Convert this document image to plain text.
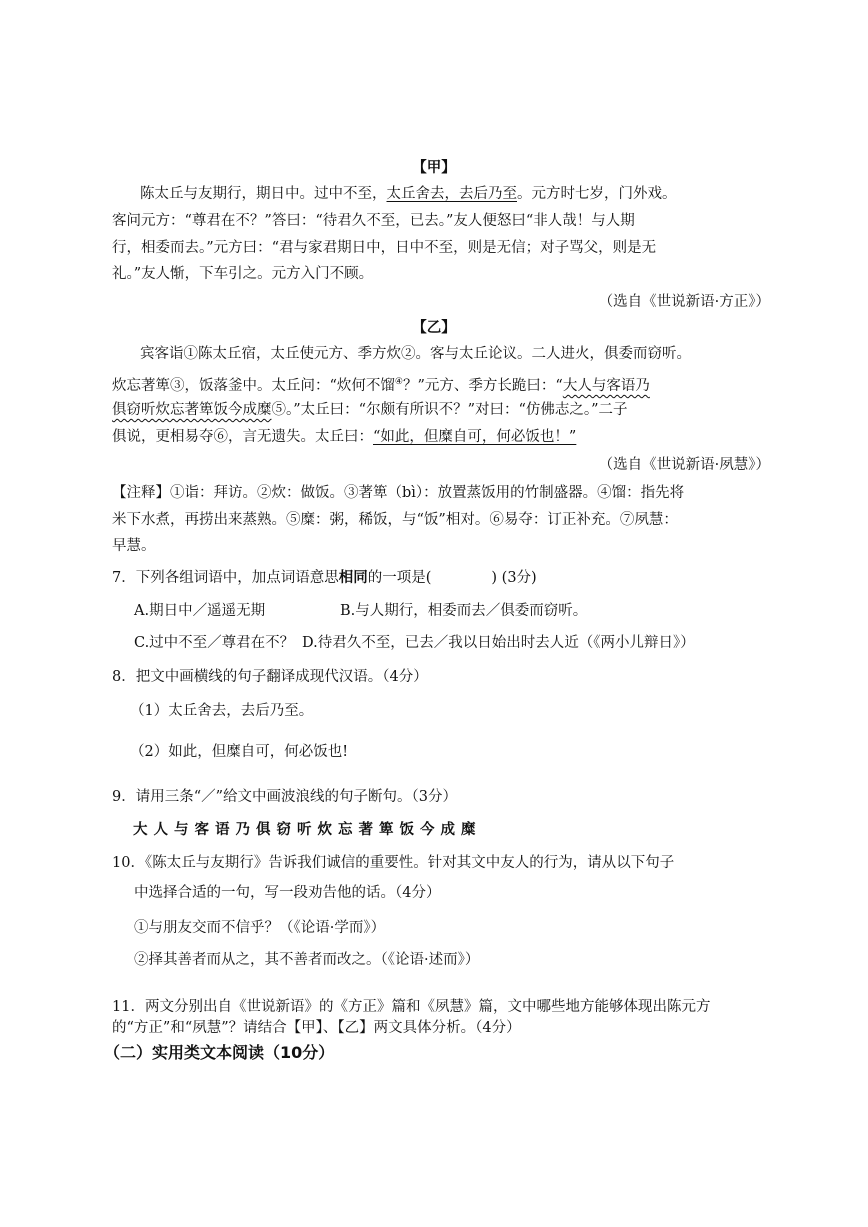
【甲】
陈太丘与友期行，期日中。过中不至，太丘舍去，去后乃至。元方时七岁，门外戏。
客问元方：“尊君在不？”答曰：“待君久不至，已去。”友人便怒曰“非人哉！与人期
行，相委而去。”元方曰：“君与家君期日中，日中不至，则是无信；对子骂父，则是无
礼。”友人惭，下车引之。元方入门不顾。
（选自《世说新语·方正》）
【乙】
宾客诣①陈太丘宿，太丘使元方、季方炊②。客与太丘论议。二人进火，俱委而窃听。
炊忘著箄③，饭落釜中。太丘问：“炊何不馏④？”元方、季方长跪曰：“大人与客语乃
俱窃听炊忘著箄饭今成糜⑤。”太丘曰：“尔颇有所识不？”对曰：“仿佛志之。”二子
俱说，更相易夺⑥，言无遗失。太丘曰：“如此，但糜自可，何必饭也！”
（选自《世说新语·夙慧》）
【注释】①诣：拜访。②炊：做饭。③著箄（bì）：放置蒸饭用的竹制盛器。④馏：指先将
米下水煮，再捞出来蒸熟。⑤糜：粥，稀饭，与“饭”相对。⑥易夺：订正补充。⑦夙慧：
早慧。
7．下列各组词语中，加点词语意思相同的一项是(	) (3分)
A.期日中／遥遥无期	B.与人期行，相委而去／俱委而窃听。
C.过中不至／尊君在不？ D.待君久不至，已去／我以日始出时去人近（《两小儿辩日》）
8．把文中画横线的句子翻译成现代汉语。（4分）
（1）太丘舍去，去后乃至。
（2）如此，但糜自可，何必饭也!
9．请用三条“／”给文中画波浪线的句子断句。（3分）
大人与客语乃俱窃听炊忘著箄饭今成糜
10．《陈太丘与友期行》告诉我们诚信的重要性。针对其文中友人的行为，请从以下句子
中选择合适的一句，写一段劝告他的话。（4分）
①与朋友交而不信乎？（《论语·学而》）
②择其善者而从之，其不善者而改之。（《论语·述而》）
11．两文分别出自《世说新语》的《方正》篇和《夙慧》篇，文中哪些地方能够体现出陈元方
的“方正”和“夙慧”？请结合【甲】、【乙】两文具体分析。（4分）
（二）实用类文本阅读（10分）
